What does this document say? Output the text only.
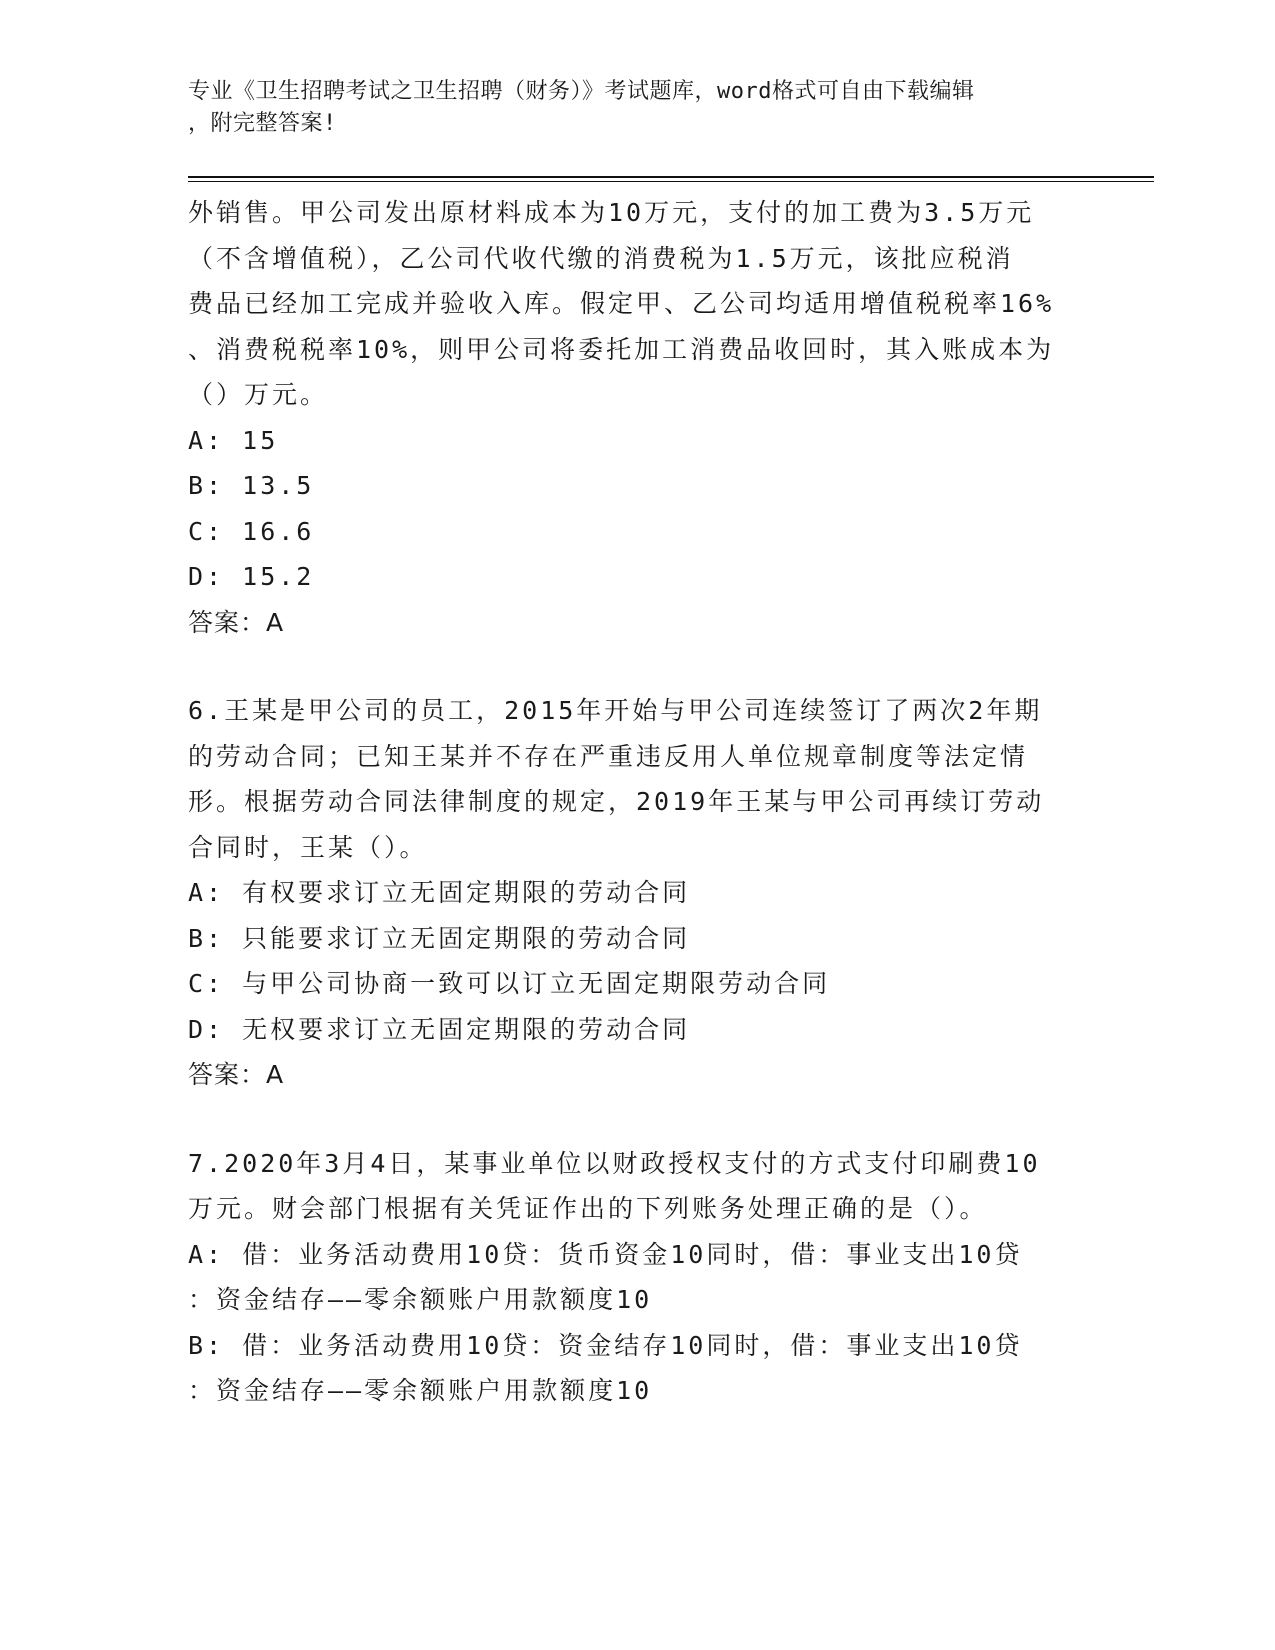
专业《卫生招聘考试之卫生招聘（财务）》考试题库，word格式可自由下载编辑
，附完整答案!
外销售。甲公司发出原材料成本为10万元，支付的加工费为3.5万元
（不含增值税），乙公司代收代缴的消费税为1.5万元，该批应税消
费品已经加工完成并验收入库。假定甲、乙公司均适用增值税税率16%
、消费税税率10%，则甲公司将委托加工消费品收回时，其入账成本为
（）万元。
A: 15
B: 13.5
C: 16.6
D: 15.2
答案：A
6.王某是甲公司的员工，2015年开始与甲公司连续签订了两次2年期
的劳动合同；已知王某并不存在严重违反用人单位规章制度等法定情
形。根据劳动合同法律制度的规定，2019年王某与甲公司再续订劳动
合同时，王某（）。
A: 有权要求订立无固定期限的劳动合同
B: 只能要求订立无固定期限的劳动合同
C: 与甲公司协商一致可以订立无固定期限劳动合同
D: 无权要求订立无固定期限的劳动合同
答案：A
7.2020年3月4日，某事业单位以财政授权支付的方式支付印刷费10
万元。财会部门根据有关凭证作出的下列账务处理正确的是（）。
A: 借：业务活动费用10贷：货币资金10同时，借：事业支出10贷
：资金结存——零余额账户用款额度10
B: 借：业务活动费用10贷：资金结存10同时，借：事业支出10贷
：资金结存——零余额账户用款额度10
